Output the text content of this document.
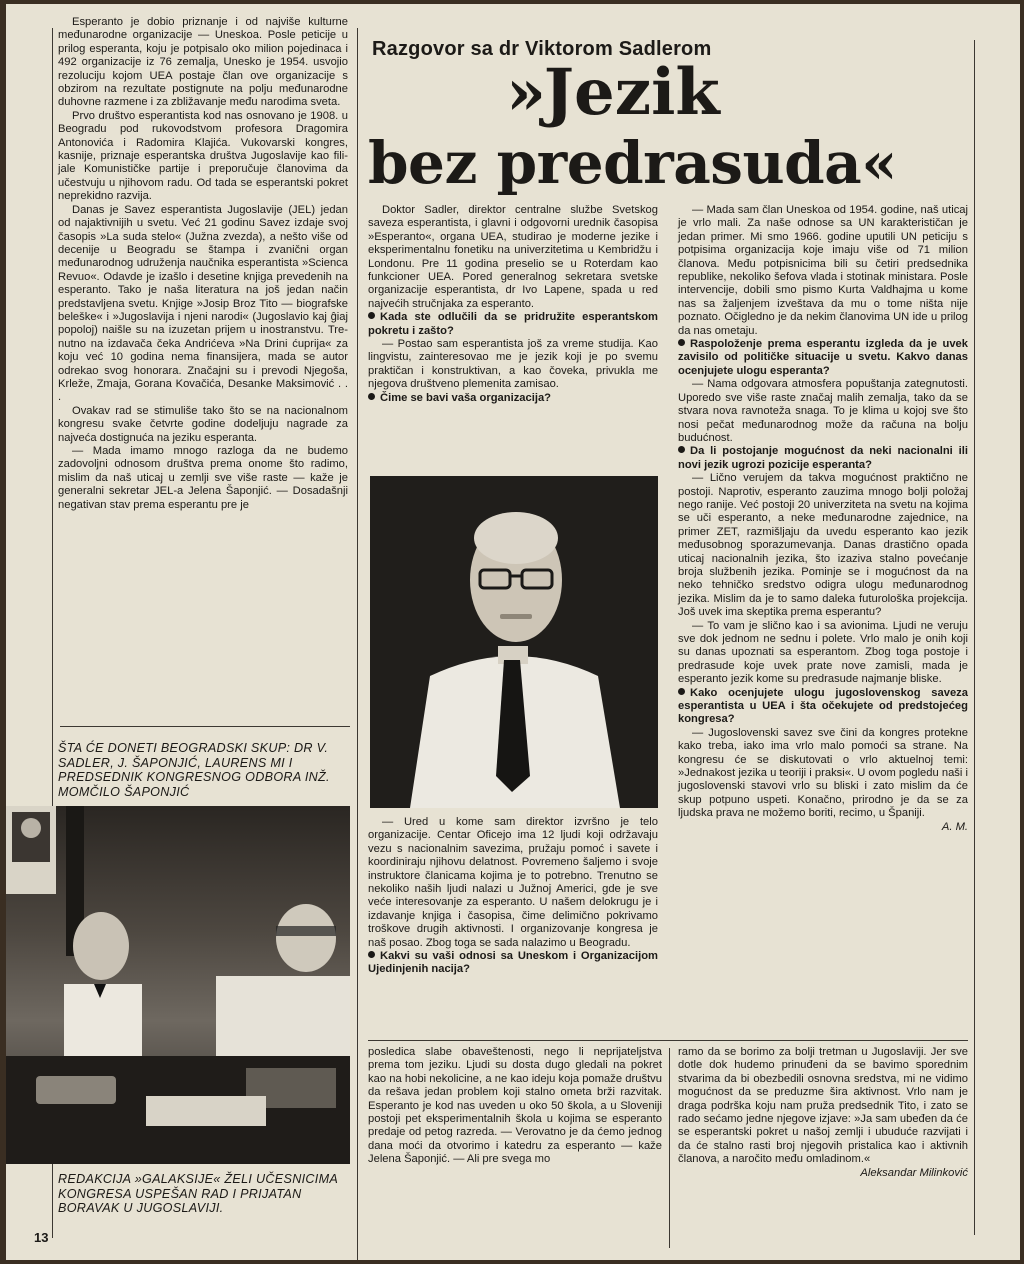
Esperanto je dobio priznanje i od najviše kulturne međunarodne organizacije — Uneskoa. Posle peticije u prilog esperanta, koju je potpisalo oko milion pojedinaca i 492 organizacije iz 76 zemalja, Unesko je 1954. usvojio rezoluciju kojom UEA postaje član ove organizacije s obzirom na rezultate postignute na polju međunarodne duhovne razmene i za zbližavanje među narodima sveta.

Prvo društvo esperantista kod nas osnovano je 1908. u Beogradu pod rukovodstvom profesora Dragomira Antonovića i Radomira Klajića. Vukovarski kongres, kasnije, priznaje esperantska društva Jugoslavije kao filijale Komunističke partije i preporučuje članovima da učestvuju u njihovom radu. Od tada se esperantski pokret neprekidno razvija.

Danas je Savez esperantista Jugoslavije (JEL) jedan od najaktivnijih u svetu. Već 21 godinu Savez izdaje svoj časopis »La suda stelo« (Južna zvezda), a nešto više od decenije u Beogradu se štampa i zvanični organ međunarodnog udruženja naučnika esperantista »Scienca Revuo«. Odavde je izašlo i desetine knjiga prevedenih na esperanto. Tako je naša literatura na još jedan način predstavljena svetu. Knjige »Josip Broz Tito — biografske beleške« i »Jugoslavija i njeni narodi« (Jugoslavio kaj ĝiaj popoloj) naišle su na izuzetan prijem u inostranstvu. Trenutno na izdavača čeka Andrićeva »Na Drini ćuprija« za koju već 10 godina nema finansijera, mada se autor odrekao svog honorara. Značajni su i prevodi Njegoša, Krleže, Zmaja, Gorana Kovačića, Desanke Maksimović . . .

Ovakav rad se stimuliše tako što se na nacionalnom kongresu svake četvrte godine dodeljuju nagrade za najveća dostignuća na jeziku esperanta.

— Mada imamo mnogo razloga da ne budemo zadovoljni odnosom društva prema onome što radimo, mislim da naš uticaj u zemlji sve više raste — kaže je generalni sekretar JEL-a Jelena Šaponjić. — Dosadašnji negativan stav prema esperantu pre je

ŠTA ĆE DONETI BEOGRADSKI SKUP: DR V. SADLER, J. ŠAPONJIĆ, LAURENS MI I PREDSEDNIK KONGRESNOG ODBORA INŽ. MOMČILO ŠAPONJIĆ
REDAKCIJA »GALAKSIJE« ŽELI UČESNICIMA KONGRESA USPEŠAN RAD I PRIJATAN BORAVAK U JUGOSLAVIJI.
13
Razgovor sa dr Viktorom Sadlerom
»Jezik
bez predrasuda«

Doktor Sadler, direktor centralne službe Svetskog saveza esperantista, i glavni i odgovorni urednik časopisa »Esperanto«, organa UEA, studirao je moderne jezike i eksperimentalnu fonetiku na univerzitetima u Kembridžu i Londonu. Pre 11 godina preselio se u Roterdam kao funkcioner UEA. Pored generalnog sekretara svetske organizacije esperantista, dr Ivo Lapene, spada u red najvećih stručnjaka za esperanto.

Kada ste odlučili da se pridružite esperantskom pokretu i zašto?

— Postao sam esperantista još za vreme studija. Kao lingvistu, zainteresovao me je jezik koji je po svemu praktičan i konstruktivan, a kao čoveka, privukla me njegova društveno plemenita zamisao.

Čime se bavi vaša organizacija?

— Ured u kome sam direktor izvršno je telo organizacije. Centar Oficejo ima 12 ljudi koji održavaju vezu s nacionalnim savezima, pružaju pomoć i savete i koordiniraju njihovu delatnost. Povremeno šaljemo i svoje instruktore članicama kojima je to potrebno. Trenutno se nekoliko naših ljudi nalazi u Južnoj Americi, gde je sve veće interesovanje za esperanto. U našem delokrugu je i izdavanje knjiga i časopisa, čime delimično pokrivamo troškove drugih aktivnosti. I organizovanje kongresa je naš posao. Zbog toga se sada nalazimo u Beogradu.

Kakvi su vaši odnosi sa Uneskom i Organizacijom Ujedinjenih nacija?

— Mada sam član Uneskoa od 1954. godine, naš uticaj je vrlo mali. Za naše odnose sa UN karakterističan je jedan primer. Mi smo 1966. godine uputili UN peticiju s potpisima organizacija koje imaju više od 71 milion članova. Među potpisnicima bili su četiri predsednika republike, nekoliko šefova vlada i stotinak ministara. Posle intervencije, dobili smo pismo Kurta Valdhajma u kome nas sa žaljenjem izveštava da mu o tome ništa nije poznato. Očigledno je da nekim članovima UN ide u prilog da nas ometaju.

Raspoloženje prema esperantu izgleda da je uvek zavisilo od političke situacije u svetu. Kakvo danas ocenjujete ulogu esperanta?

— Nama odgovara atmosfera popuštanja zategnutosti. Uporedo sve više raste značaj malih zemalja, tako da se stvara nova ravnoteža snaga. To je klima u kojoj sve što nosi pečat međunarodnog može da računa na bolju budućnost.

Da li postojanje mogućnost da neki nacionalni ili novi jezik ugrozi pozicije esperanta?

— Lično verujem da takva mogućnost praktično ne postoji. Naprotiv, esperanto zauzima mnogo bolji položaj nego ranije. Već postoji 20 univerziteta na svetu na kojima se uči esperanto, a neke međunarodne zajednice, na primer ZET, razmišljaju da uvedu esperanto kao jezik međusobnog sporazumevanja. Danas drastično opada uticaj nacionalnih jezika, što izaziva stalno povećanje broja službenih jezika. Pominje se i mogućnost da na neko tehničko sredstvo odigra ulogu međunarodnog jezika. Mislim da je to samo daleka futurološka projekcija. Još uvek ima skeptika prema esperantu?

— To vam je slično kao i sa avionima. Ljudi ne veruju sve dok jednom ne sednu i polete. Vrlo malo je onih koji su danas upoznati sa esperantom. Zbog toga postoje i predrasude koje uvek prate nove zamisli, mada je esperanto jezik kome su predrasude najmanje bliske.

Kako ocenjujete ulogu jugoslovenskog saveza esperantista u UEA i šta očekujete od predstojećeg kongresa?

— Jugoslovenski savez sve čini da kongres protekne kako treba, iako ima vrlo malo pomoći sa strane. Na kongresu će se diskutovati o vrlo aktuelnoj temi: »Jednakost jezika u teoriji i praksi«. U ovom pogledu naši i jugoslovenski stavovi vrlo su bliski i zato mislim da će skup potpuno uspeti. Konačno, prirodno je da se za ljudska prava ne možemo boriti, recimo, u Španiji.

A. M.

posledica slabe obaveštenosti, nego li neprijateljstva prema tom jeziku. Ljudi su dosta dugo gledali na pokret kao na hobi nekolicine, a ne kao ideju koja pomaže društvu da rešava jedan problem koji stalno ometa brži razvitak. Esperanto je kod nas uveden u oko 50 škola, a u Sloveniji postoji pet eksperimentalnih škola u kojima se esperanto predaje od petog razreda. — Verovatno je da ćemo jednog dana moći da otvorimo i katedru za esperanto — kaže Jelena Šaponjić. — Ali pre svega mo

ramo da se borimo za bolji tretman u Jugoslaviji. Jer sve dotle dok hudemo prinuđeni da se bavimo sporednim stvarima da bi obezbedili osnovna sredstva, mi ne vidimo mogućnost da se preduzme šira aktivnost. Vrlo nam je draga podrška koju nam pruža predsednik Tito, i zato se rado sećamo jedne njegove izjave: »Ja sam ubeđen da će se esperantski pokret u našoj zemlji i ubuduće razvijati i da će stalno rasti broj njegovih pristalica kao i aktivnih članova, a naročito među omladinom.«

Aleksandar Milinković
